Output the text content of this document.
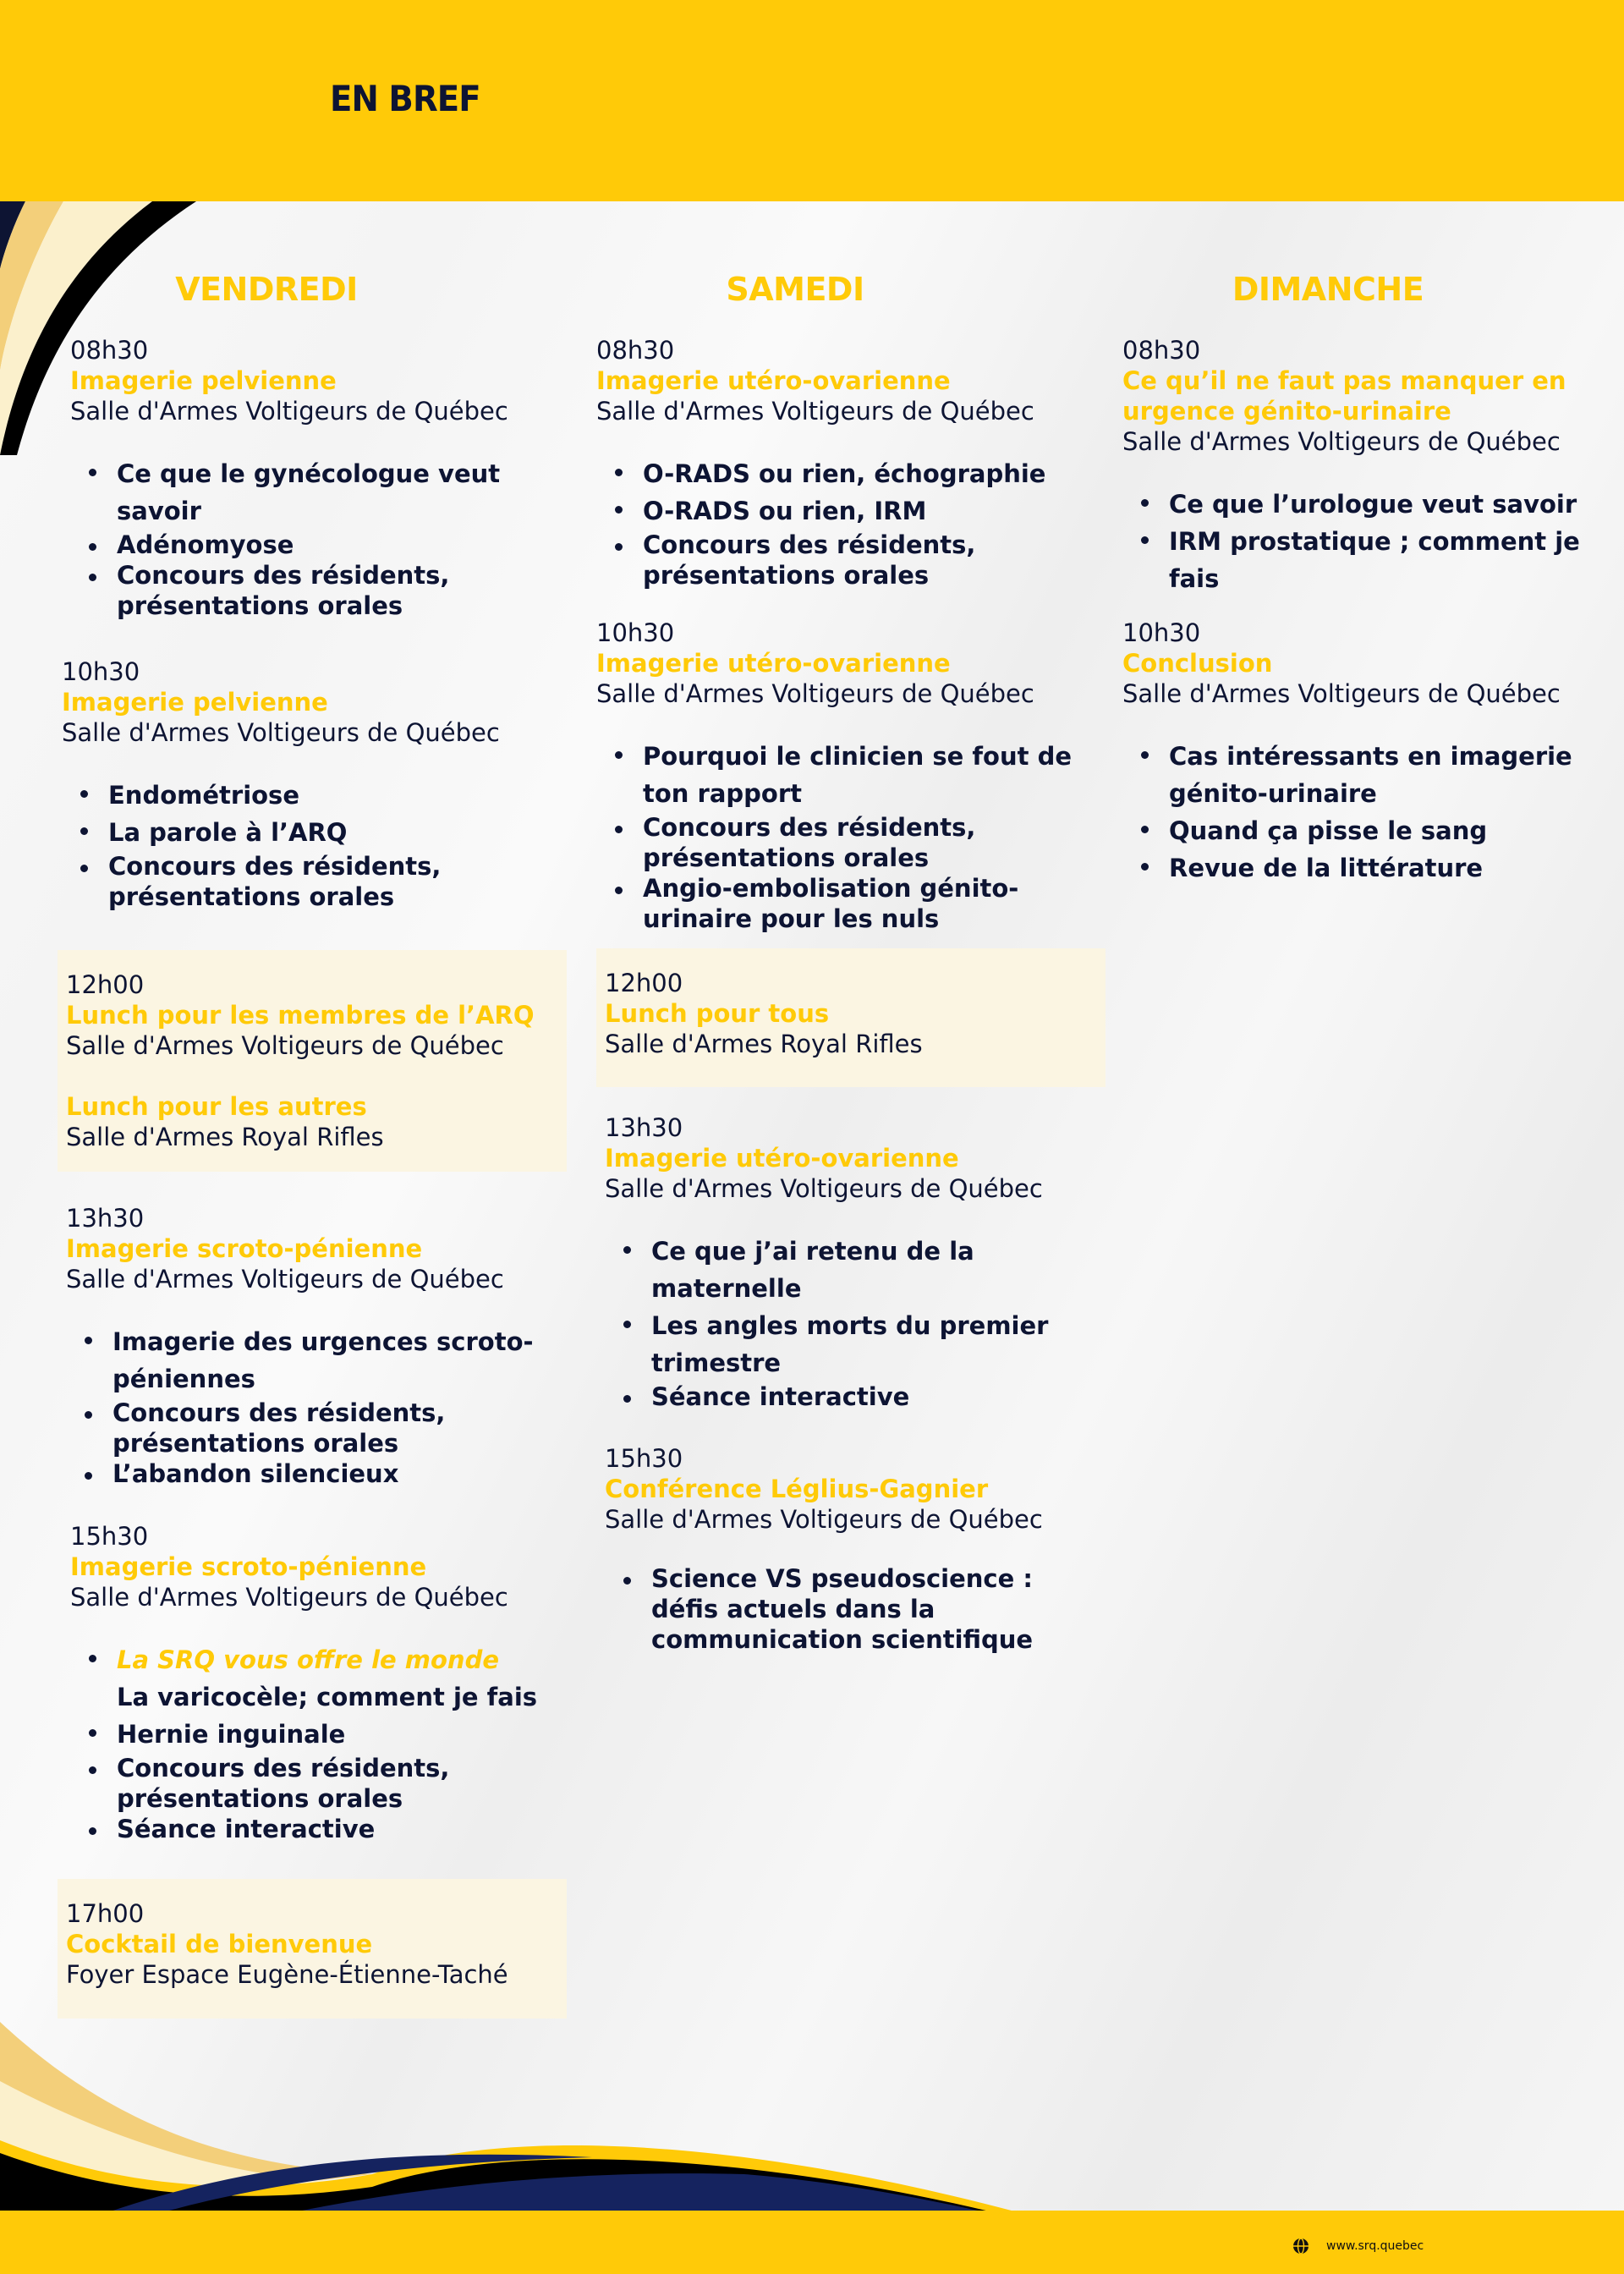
EN BREF
www.srq.quebec
VENDREDI	SAMEDI	DIMANCHE
08h30
Imagerie pelvienne
Salle d'Armes Voltigeurs de Québec
Ce que le gynécologue veut savoir
Adénomyose
Concours des résidents, présentations orales
10h30
Imagerie pelvienne
Salle d'Armes Voltigeurs de Québec
Endométriose
La parole à l’ARQ
Concours des résidents, présentations orales
12h00
Lunch pour les membres de l’ARQ
Salle d'Armes Voltigeurs de Québec
Lunch pour les autres
Salle d'Armes Royal Rifles
13h30
Imagerie scroto-pénienne
Salle d'Armes Voltigeurs de Québec
Imagerie des urgences scroto-péniennes
Concours des résidents, présentations orales
L’abandon silencieux
15h30
Imagerie scroto-pénienne
Salle d'Armes Voltigeurs de Québec
La SRQ vous offre le monde
La varicocèle; comment je fais
Hernie inguinale
Concours des résidents, présentations orales
Séance interactive
17h00
Cocktail de bienvenue
Foyer Espace Eugène-Étienne-Taché
08h30
Imagerie utéro-ovarienne
Salle d'Armes Voltigeurs de Québec
O-RADS ou rien, échographie
O-RADS ou rien, IRM
Concours des résidents, présentations orales
10h30
Imagerie utéro-ovarienne
Salle d'Armes Voltigeurs de Québec
Pourquoi le clinicien se fout de ton rapport
Concours des résidents, présentations orales
Angio-embolisation génito-urinaire pour les nuls
12h00
Lunch pour tous
Salle d'Armes Royal Rifles
13h30
Imagerie utéro-ovarienne
Salle d'Armes Voltigeurs de Québec
Ce que j’ai retenu de la maternelle
Les angles morts du premier trimestre
Séance interactive
15h30
Conférence Léglius-Gagnier
Salle d'Armes Voltigeurs de Québec
Science VS pseudoscience : défis actuels dans la communication scientifique
08h30
Ce qu’il ne faut pas manquer en urgence génito-urinaire
Salle d'Armes Voltigeurs de Québec
Ce que l’urologue veut savoir
IRM prostatique ; comment je fais
10h30
Conclusion
Salle d'Armes Voltigeurs de Québec
Cas intéressants en imagerie génito-urinaire
Quand ça pisse le sang
Revue de la littérature
